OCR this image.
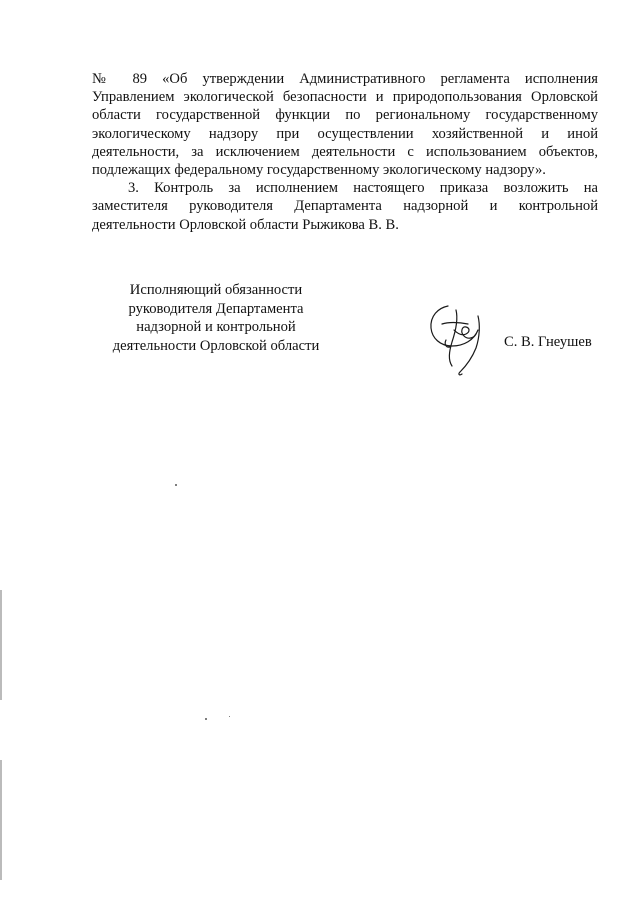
№ 89 «Об утверждении Административного регламента исполнения
Управлением экологической безопасности и природопользования Орловской
области государственной функции по региональному государственному
экологическому надзору при осуществлении хозяйственной и иной
деятельности, за исключением деятельности с использованием объектов,
подлежащих федеральному государственному экологическому надзору».
3. Контроль за исполнением настоящего приказа возложить на
заместителя руководителя Департамента надзорной и контрольной
деятельности Орловской области Рыжикова В. В.
Исполняющий обязанности
руководителя Департамента
надзорной и контрольной
деятельности Орловской области	С. В. Гнеушев
